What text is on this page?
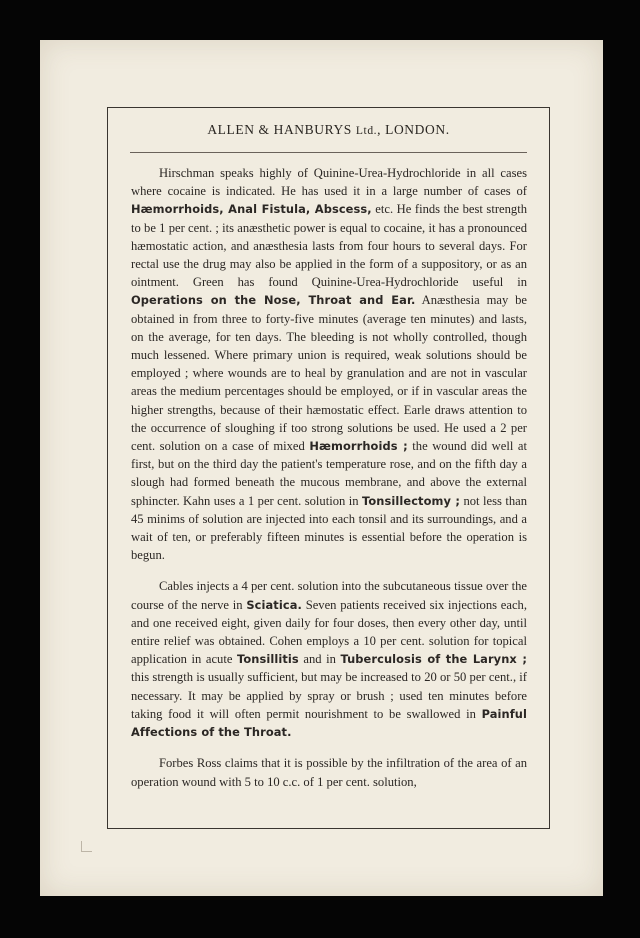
ALLEN & HANBURYS Ltd., LONDON.

Hirschman speaks highly of Quinine-Urea-Hydrochloride in all cases where cocaine is indicated. He has used it in a large number of cases of Hæmorrhoids, Anal Fistula, Abscess, etc. He finds the best strength to be 1 per cent. ; its anæsthetic power is equal to cocaine, it has a pronounced hæmostatic action, and anæsthesia lasts from four hours to several days. For rectal use the drug may also be applied in the form of a suppository, or as an ointment. Green has found Quinine-Urea-Hydrochloride useful in Operations on the Nose, Throat and Ear. Anæsthesia may be obtained in from three to forty-five minutes (average ten minutes) and lasts, on the average, for ten days. The bleeding is not wholly controlled, though much lessened. Where primary union is required, weak solutions should be employed ; where wounds are to heal by granulation and are not in vascular areas the medium percentages should be employed, or if in vascular areas the higher strengths, because of their hæmostatic effect. Earle draws attention to the occurrence of sloughing if too strong solutions be used. He used a 2 per cent. solution on a case of mixed Hæmorrhoids ; the wound did well at first, but on the third day the patient's temperature rose, and on the fifth day a slough had formed beneath the mucous membrane, and above the external sphincter. Kahn uses a 1 per cent. solution in Tonsillectomy ; not less than 45 minims of solution are injected into each tonsil and its surroundings, and a wait of ten, or preferably fifteen minutes is essential before the operation is begun.

Cables injects a 4 per cent. solution into the subcutaneous tissue over the course of the nerve in Sciatica. Seven patients received six injections each, and one received eight, given daily for four doses, then every other day, until entire relief was obtained. Cohen employs a 10 per cent. solution for topical application in acute Tonsillitis and in Tuberculosis of the Larynx ; this strength is usually sufficient, but may be increased to 20 or 50 per cent., if necessary. It may be applied by spray or brush ; used ten minutes before taking food it will often permit nourishment to be swallowed in Painful Affections of the Throat.

Forbes Ross claims that it is possible by the infiltration of the area of an operation wound with 5 to 10 c.c. of 1 per cent. solution,
